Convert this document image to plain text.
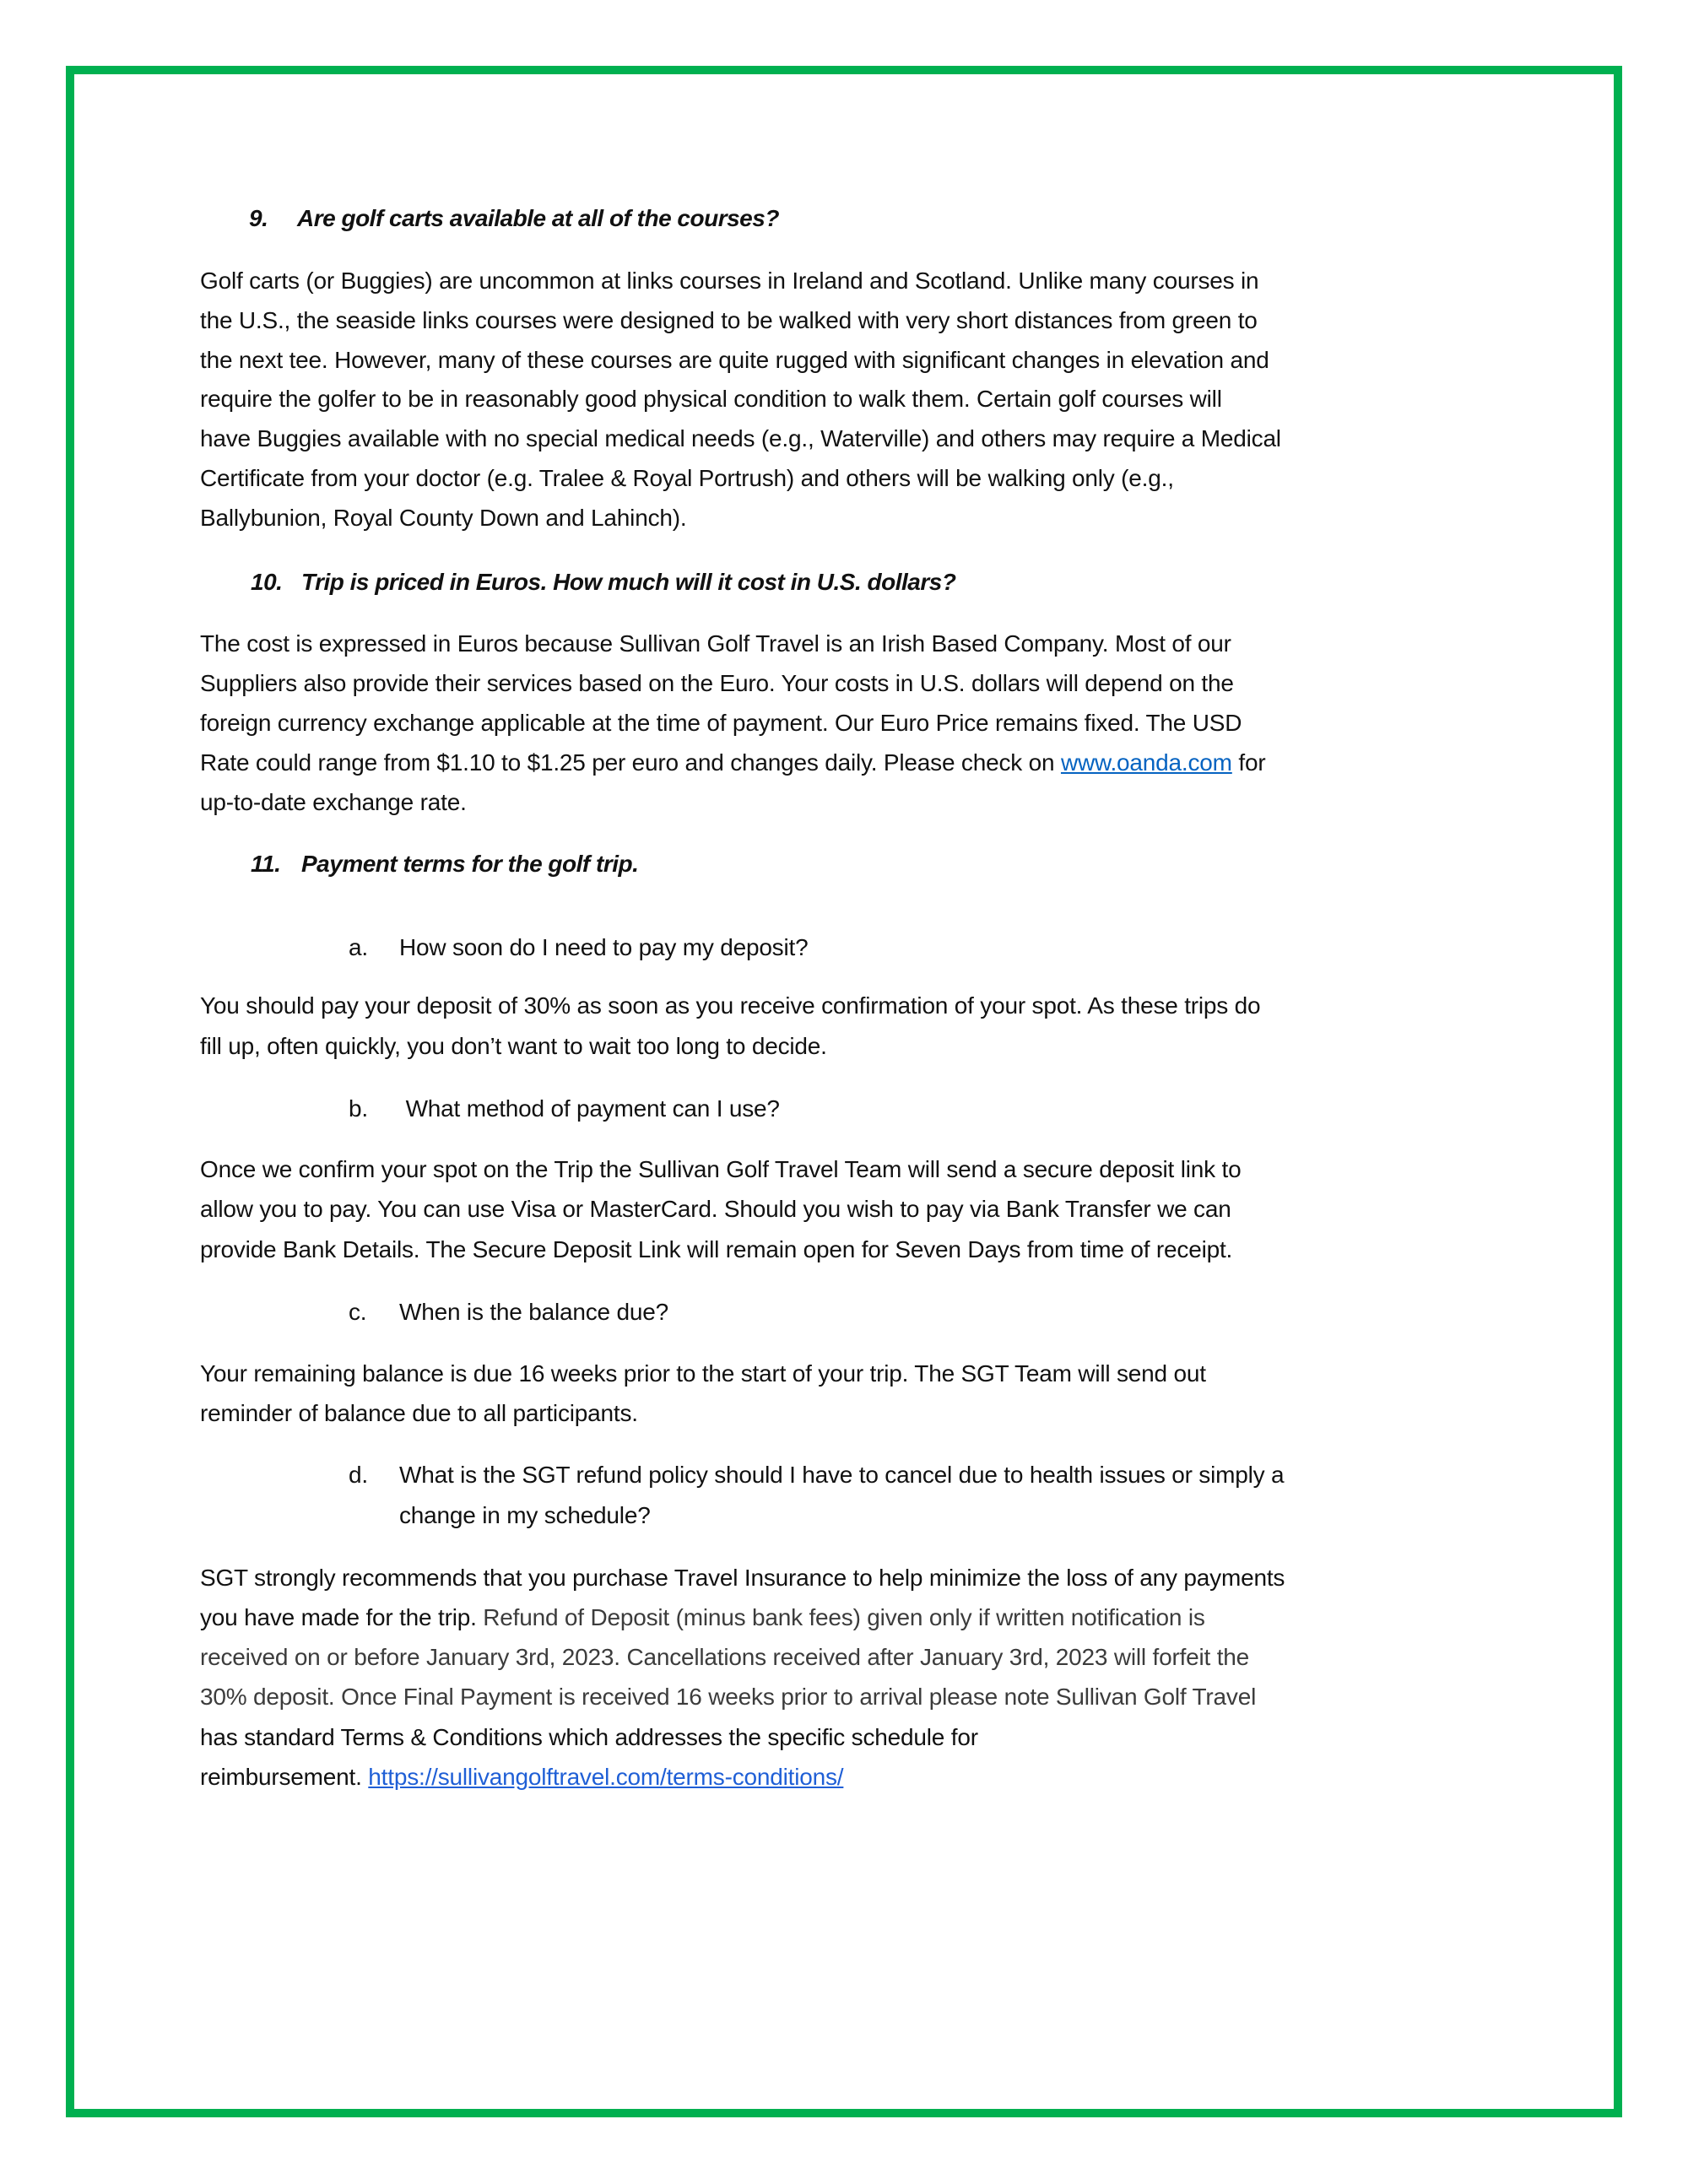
9. Are golf carts available at all of the courses?
Golf carts (or Buggies) are uncommon at links courses in Ireland and Scotland. Unlike many courses in
the U.S., the seaside links courses were designed to be walked with very short distances from green to
the next tee. However, many of these courses are quite rugged with significant changes in elevation and
require the golfer to be in reasonably good physical condition to walk them. Certain golf courses will
have Buggies available with no special medical needs (e.g., Waterville) and others may require a Medical
Certificate from your doctor (e.g. Tralee & Royal Portrush) and others will be walking only (e.g.,
Ballybunion, Royal County Down and Lahinch).
10. Trip is priced in Euros. How much will it cost in U.S. dollars?
The cost is expressed in Euros because Sullivan Golf Travel is an Irish Based Company. Most of our
Suppliers also provide their services based on the Euro. Your costs in U.S. dollars will depend on the
foreign currency exchange applicable at the time of payment. Our Euro Price remains fixed. The USD
Rate could range from $1.10 to $1.25 per euro and changes daily. Please check on www.oanda.com for
up-to-date exchange rate.
11. Payment terms for the golf trip.
a. How soon do I need to pay my deposit?
You should pay your deposit of 30% as soon as you receive confirmation of your spot. As these trips do
fill up, often quickly, you don’t want to wait too long to decide.
b. What method of payment can I use?
Once we confirm your spot on the Trip the Sullivan Golf Travel Team will send a secure deposit link to
allow you to pay. You can use Visa or MasterCard. Should you wish to pay via Bank Transfer we can
provide Bank Details. The Secure Deposit Link will remain open for Seven Days from time of receipt.
c. When is the balance due?
Your remaining balance is due 16 weeks prior to the start of your trip. The SGT Team will send out
reminder of balance due to all participants.
d. What is the SGT refund policy should I have to cancel due to health issues or simply a
change in my schedule?
SGT strongly recommends that you purchase Travel Insurance to help minimize the loss of any payments
you have made for the trip. Refund of Deposit (minus bank fees) given only if written notification is
received on or before January 3rd, 2023. Cancellations received after January 3rd, 2023 will forfeit the
30% deposit. Once Final Payment is received 16 weeks prior to arrival please note Sullivan Golf Travel
has standard Terms & Conditions which addresses the specific schedule for
reimbursement. https://sullivangolftravel.com/terms-conditions/
